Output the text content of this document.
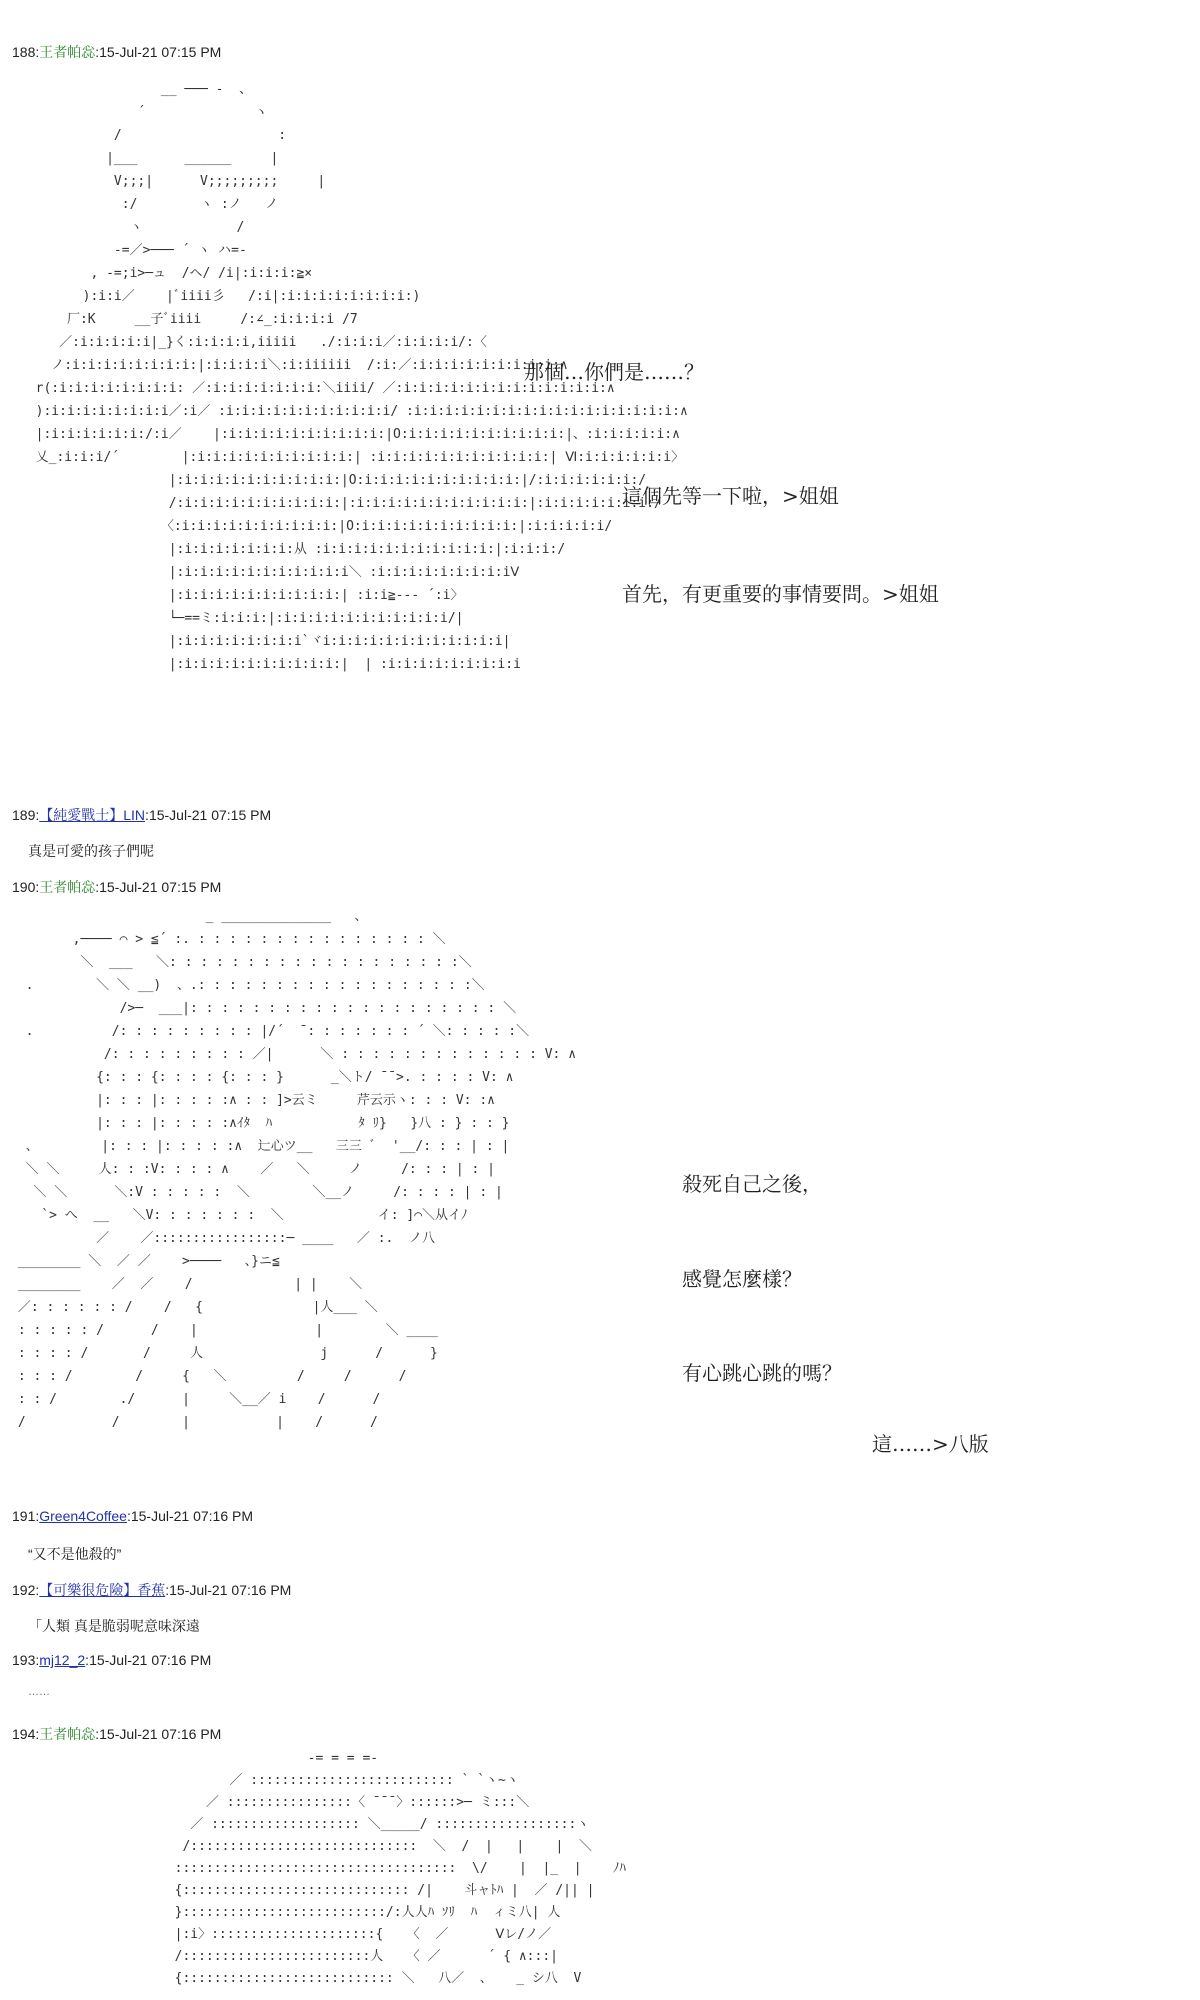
188:王者帕惢:15-Jul-21 07:15 PM
__ ─── -  、
´              ヽ
/                    :
|___      ______     |
V;;;|      V;;;;;;;;;     |
:/        ヽ :ノ   ノ
ヽ            /
-=／>─── ´ ヽ ハ=-
, -=;i>─ュ  /ヘ/ /i|:i:i:i:≧×
):i:i／    |ﾞiiii彡   /:i|:i:i:i:i:i:i:i:i:)
厂:K     __子ﾞiiii     /:∠_:i:i:i:i /7
／:i:i:i:i:i|_}く:i:i:i:i,iiiii   ./:i:i:i／:i:i:i:i/:〈
ノ:i:i:i:i:i:i:i:i:|:i:i:i:i＼:i:iiiiii  /:i:／:i:i:i:i:i:i:i:i:i:∧
r(:i:i:i:i:i:i:i:i: ／:i:i:i:i:i:i:i:＼iiii/ ／:i:i:i:i:i:i:i:i:i:i:i:i:i:∧
):i:i:i:i:i:i:i:i／:i／ :i:i:i:i:i:i:i:i:i:i:i/ :i:i:i:i:i:i:i:i:i:i:i:i:i:i:i:i:i:∧
|:i:i:i:i:i:i:/:i／    |:i:i:i:i:i:i:i:i:i:i:|O:i:i:i:i:i:i:i:i:i:i:|、:i:i:i:i:i:∧
乂_:i:i:i/´        |:i:i:i:i:i:i:i:i:i:i:| :i:i:i:i:i:i:i:i:i:i:i:| Ⅵ:i:i:i:i:i:i〉
|:i:i:i:i:i:i:i:i:i:i:|O:i:i:i:i:i:i:i:i:i:i:|/:i:i:i:i:i:i:/
/:i:i:i:i:i:i:i:i:i:i:|:i:i:i:i:i:i:i:i:i:i:i:|:i:i:i:i:i:i:i:/
〈:i:i:i:i:i:i:i:i:i:i:|O:i:i:i:i:i:i:i:i:i:i:|:i:i:i:i:i/
|:i:i:i:i:i:i:i:从 :i:i:i:i:i:i:i:i:i:i:i:|:i:i:i:/
|:i:i:i:i:i:i:i:i:i:i:i＼ :i:i:i:i:i:i:i:i:iⅤ
|:i:i:i:i:i:i:i:i:i:i:| :i:i≧--- ´:i〉
└─==ミ:i:i:i:|:i:i:i:i:i:i:i:i:i:i:i/|
|:i:i:i:i:i:i:i:i`ヾi:i:i:i:i:i:i:i:i:i:i:i|
|:i:i:i:i:i:i:i:i:i:i:|  | :i:i:i:i:i:i:i:i:i
那個…你們是……？
這個先等一下啦，>姐姐
首先，有更重要的事情要問。>姐姐
189:【純愛戰士】LIN:15-Jul-21 07:15 PM
真是可愛的孩子們呢
190:王者帕惢:15-Jul-21 07:15 PM
_ ______________   、
,──── ⌒ > ≦´ :. : : : : : : : : : : : : : : : ＼
＼  ___   ＼: : : : : : : : : : : : : : : : : : :＼
.        ＼ ＼ __)  、.: : : : : : : : : : : : : : : : : :＼
/>─  ___|: : : : : : : : : : : : : : : : : : : : ＼
.          /: : : : : : : : : |/´  ̄ : : : : : : : ´ ＼: : : : :＼
/: : : : : : : : : ／|      ＼ : : : : : : : : : : : : : V: ∧
{: : : {: : : : {: : : }      _＼ト/ ̄ ̄ >. : : : : V: ∧
|: : : |: : : : :∧ : : ]>云ミ     芹云示ヽ: : : V: :∧
|: : : |: : : : :∧ｲﾀ  ﾊ           ﾀ ﾘ}   }八 : } : : }
、        |: : : |: : : : :∧  辷心ツ__   三三 ﾞ  '__/: : : | : |
＼ ＼     人: : :V: : : : ∧    ／   ＼     ノ     /: : : | : |
＼ ＼      ＼:V : : : : :  ＼        ＼__ノ     /: : : : | : |
`> へ  __   ＼V: : : : : : :  ＼            イ: ]⌒＼从イﾉ
／    ／:::::::::::::::::─ ____   ／ :.  ノ八
________ ＼  ／ ／    >────   、}ニ≦
________    ／  ／    /             | |    ＼
／: : : : : : /    /   {              |人___ ＼
: : : : : /      /    |               |        ＼ ____
: : : : /       /     人               j      /      }
: : : /        /     {   ＼         /     /      /
: : /        ./      |     ＼__／ i    /      /
/           /        |           |    /      /
殺死自己之後，
感覺怎麼樣？
有心跳心跳的嗎？
這……>八版
191:Green4Coffee:15-Jul-21 07:16 PM
“又不是他殺的”
192:【可樂很危險】香蕉:15-Jul-21 07:16 PM
「人類 真是脆弱呢意味深遠
193:mj12_2:15-Jul-21 07:16 PM
……
194:王者帕惢:15-Jul-21 07:16 PM
-= = = =-
／ :::::::::::::::::::::::::: ` `ヽ~ヽ
／ ::::::::::::::::〈 ̄ ̄ ̄ 〉::::::>─ ミ:::＼
／ ::::::::::::::::::: ＼_____/ ::::::::::::::::::ヽ
/:::::::::::::::::::::::::::::  ＼  /  |   |    |  ＼
::::::::::::::::::::::::::::::::::::  \/    |  |_  |    ﾉﾊ
{::::::::::::::::::::::::::::: /|    斗ャﾄﾊ |  ／ /|| |
}::::::::::::::::::::::::::/:人人ﾊ ｿﾘ  ﾊ  ィミ八| 人
|:i〉:::::::::::::::::::::{   〈  ／      Ⅴレ/ノ／
/::::::::::::::::::::::::人   〈 ／      ´ { ∧:::|
{::::::::::::::::::::::::::: ＼   八／  、   _ シ八  V
